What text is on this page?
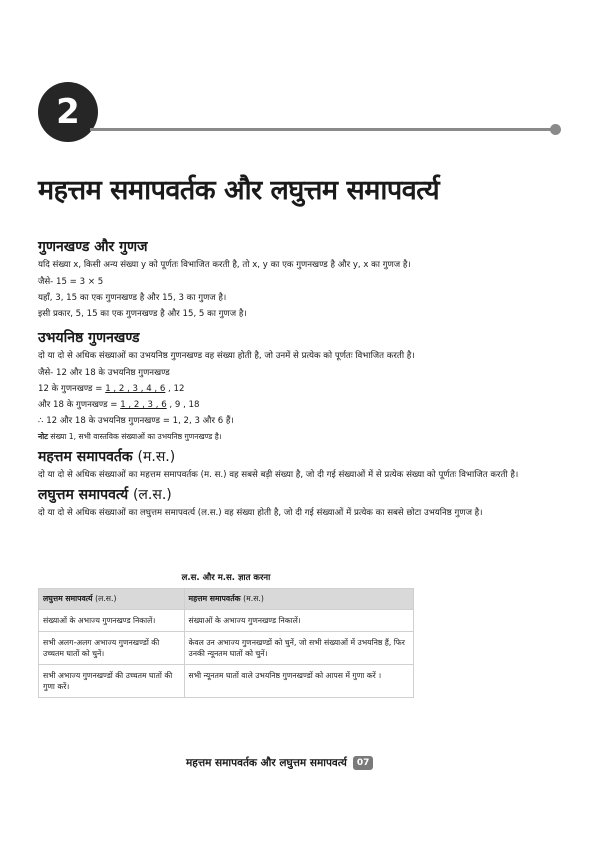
2
महत्तम समापवर्तक और लघुत्तम समापवर्त्य
गुणनखण्ड और गुणज

यदि संख्या x, किसी अन्य संख्या y को पूर्णतः विभाजित करती है, तो x, y का एक गुणनखण्ड है और y, x का गुणज है।

जैसे- 15 = 3 × 5

यहाँ, 3, 15 का एक गुणनखण्ड है और 15, 3 का गुणज है।

इसी प्रकार, 5, 15 का एक गुणनखण्ड है और 15, 5 का गुणज है।

उभयनिष्ठ गुणनखण्ड

दो या दो से अधिक संख्याओं का उभयनिष्ठ गुणनखण्ड वह संख्या होती है, जो उनमें से प्रत्येक को पूर्णतः विभाजित करती है।

जैसे- 12 और 18 के उभयनिष्ठ गुणनखण्ड

12 के गुणनखण्ड = 1 , 2 , 3 , 4 , 6 , 12

और 18 के गुणनखण्ड = 1 , 2 , 3 , 6 , 9 , 18

∴ 12 और 18 के उभयनिष्ठ गुणनखण्ड = 1, 2, 3 और 6 हैं।

नोट संख्या 1, सभी वास्तविक संख्याओं का उभयनिष्ठ गुणनखण्ड है।

महत्तम समापवर्तक (म.स.)

दो या दो से अधिक संख्याओं का महत्तम समापवर्तक (म. स.) वह सबसे बड़ी संख्या है, जो दी गई संख्याओं में से प्रत्येक संख्या को पूर्णतः विभाजित करती है।

लघुत्तम समापवर्त्य (ल.स.)

दो या दो से अधिक संख्याओं का लघुत्तम समापवर्त्य (ल.स.) वह संख्या होती है, जो दी गई संख्याओं में प्रत्येक का सबसे छोटा उभयनिष्ठ गुणज है।

ल.स. और म.स. ज्ञात करना
लघुत्तम समापवर्त्य (ल.स.)	महत्तम समापवर्तक (म.स.)
संख्याओं के अभाज्य गुणनखण्ड निकालें।	संख्याओं के अभाज्य गुणनखण्ड निकालें।
सभी अलग-अलग अभाज्य गुणनखण्डों की उच्चतम घातों को चुनें।	केवल उन अभाज्य गुणनखण्डों को चुनें, जो सभी संख्याओं में उभयनिष्ठ हैं, फिर उनकी न्यूनतम घातों को चुनें।
सभी अभाज्य गुणनखण्डों की उच्चतम घातों की गुणा करें।	सभी न्यूनतम घातों वाले उभयनिष्ठ गुणनखण्डों को आपस में गुणा करें ।
महत्तम समापवर्तक और लघुत्तम समापवर्त्य	07
